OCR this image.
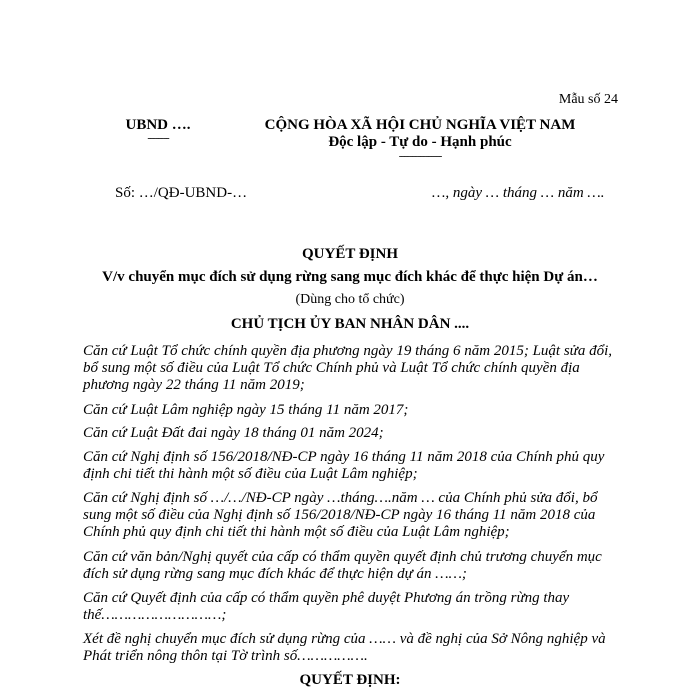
Mẫu số 24
UBND ….
--------
CỘNG HÒA XÃ HỘI CHỦ NGHĨA VIỆT NAM
Độc lập - Tự do - Hạnh phúc
----------------
Số: …/QĐ-UBND-…	…, ngày … tháng … năm ….
QUYẾT ĐỊNH
V/v chuyển mục đích sử dụng rừng sang mục đích khác để thực hiện Dự án…
(Dùng cho tổ chức)
CHỦ TỊCH ỦY BAN NHÂN DÂN ....
Căn cứ Luật Tổ chức chính quyền địa phương ngày 19 tháng 6 năm 2015; Luật sửa đổi, bổ sung một số điều của Luật Tổ chức Chính phủ và Luật Tổ chức chính quyền địa phương ngày 22 tháng 11 năm 2019;
Căn cứ Luật Lâm nghiệp ngày 15 tháng 11 năm 2017;
Căn cứ Luật Đất đai ngày 18 tháng 01 năm 2024;
Căn cứ Nghị định số 156/2018/NĐ-CP ngày 16 tháng 11 năm 2018 của Chính phủ quy định chi tiết thi hành một số điều của Luật Lâm nghiệp;
Căn cứ Nghị định số …/…/NĐ-CP ngày …tháng….năm … của Chính phủ sửa đổi, bổ sung một số điều của Nghị định số 156/2018/NĐ-CP ngày 16 tháng 11 năm 2018 của Chính phủ quy định chi tiết thi hành một số điều của Luật Lâm nghiệp;
Căn cứ văn bản/Nghị quyết của cấp có thẩm quyền quyết định chủ trương chuyển mục đích sử dụng rừng sang mục đích khác để thực hiện dự án ……;
Căn cứ Quyết định của cấp có thẩm quyền phê duyệt Phương án trồng rừng thay thế………………………;
Xét đề nghị chuyển mục đích sử dụng rừng của …… và đề nghị của Sở Nông nghiệp và Phát triển nông thôn tại Tờ trình số…………….
QUYẾT ĐỊNH:
